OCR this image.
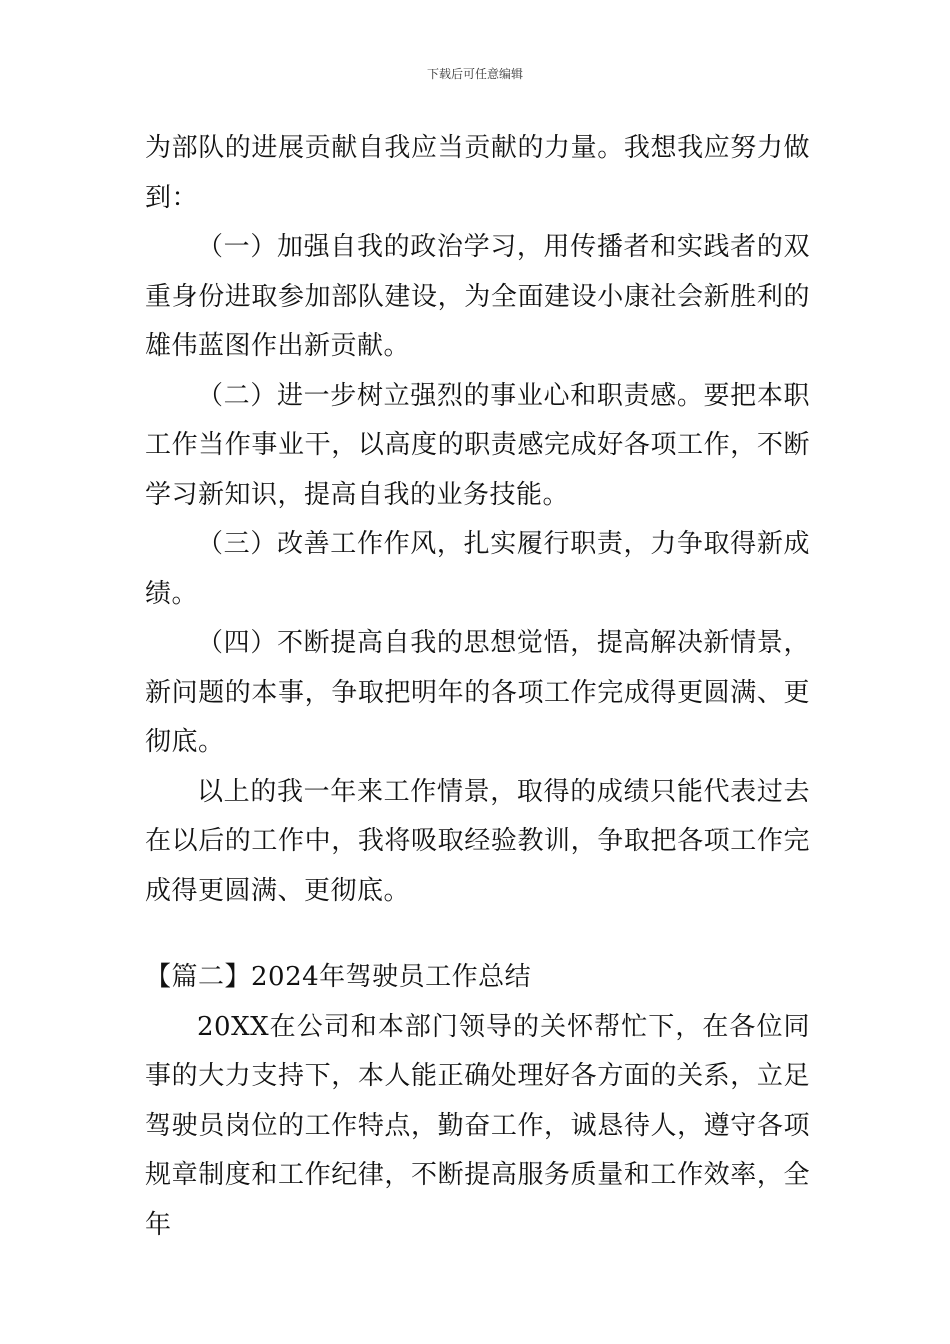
下载后可任意编辑

为部队的进展贡献自我应当贡献的力量。我想我应努力做到：

（一）加强自我的政治学习，用传播者和实践者的双重身份进取参加部队建设，为全面建设小康社会新胜利的雄伟蓝图作出新贡献。

（二）进一步树立强烈的事业心和职责感。要把本职工作当作事业干，以高度的职责感完成好各项工作，不断学习新知识，提高自我的业务技能。

（三）改善工作作风，扎实履行职责，力争取得新成绩。

（四）不断提高自我的思想觉悟，提高解决新情景，新问题的本事，争取把明年的各项工作完成得更圆满、更彻底。

以上的我一年来工作情景，取得的成绩只能代表过去在以后的工作中，我将吸取经验教训，争取把各项工作完成得更圆满、更彻底。

【篇二】2024年驾驶员工作总结

20XX在公司和本部门领导的关怀帮忙下，在各位同事的大力支持下，本人能正确处理好各方面的关系，立足驾驶员岗位的工作特点，勤奋工作，诚恳待人，遵守各项规章制度和工作纪律，不断提高服务质量和工作效率，全年
